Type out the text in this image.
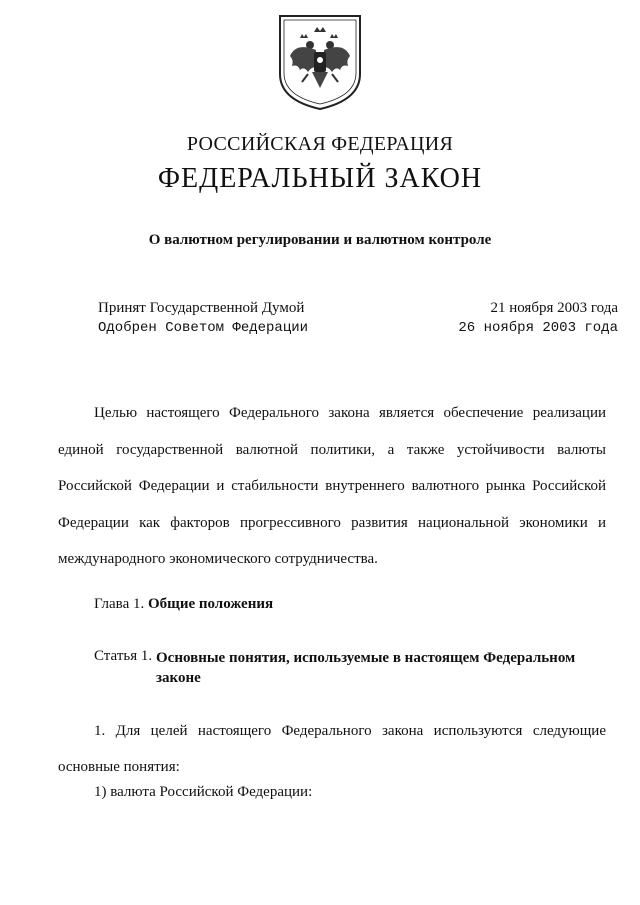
РОССИЙСКАЯ ФЕДЕРАЦИЯ
ФЕДЕРАЛЬНЫЙ ЗАКОН
О валютном регулировании и валютном контроле
Принят Государственной Думой	21 ноября 2003 года
Одобрен Советом Федерации	26 ноября 2003 года

Целью настоящего Федерального закона является обеспечение реализации единой государственной валютной политики, а также устойчивости валюты Российской Федерации и стабильности внутреннего валютного рынка Российской Федерации как факторов прогрессивного развития национальной экономики и международного экономического сотрудничества.

Глава 1. Общие положения
Статья 1. Основные понятия, используемые в настоящем Федеральном законе

1. Для целей настоящего Федерального закона используются следующие основные понятия:

1) валюта Российской Федерации:
